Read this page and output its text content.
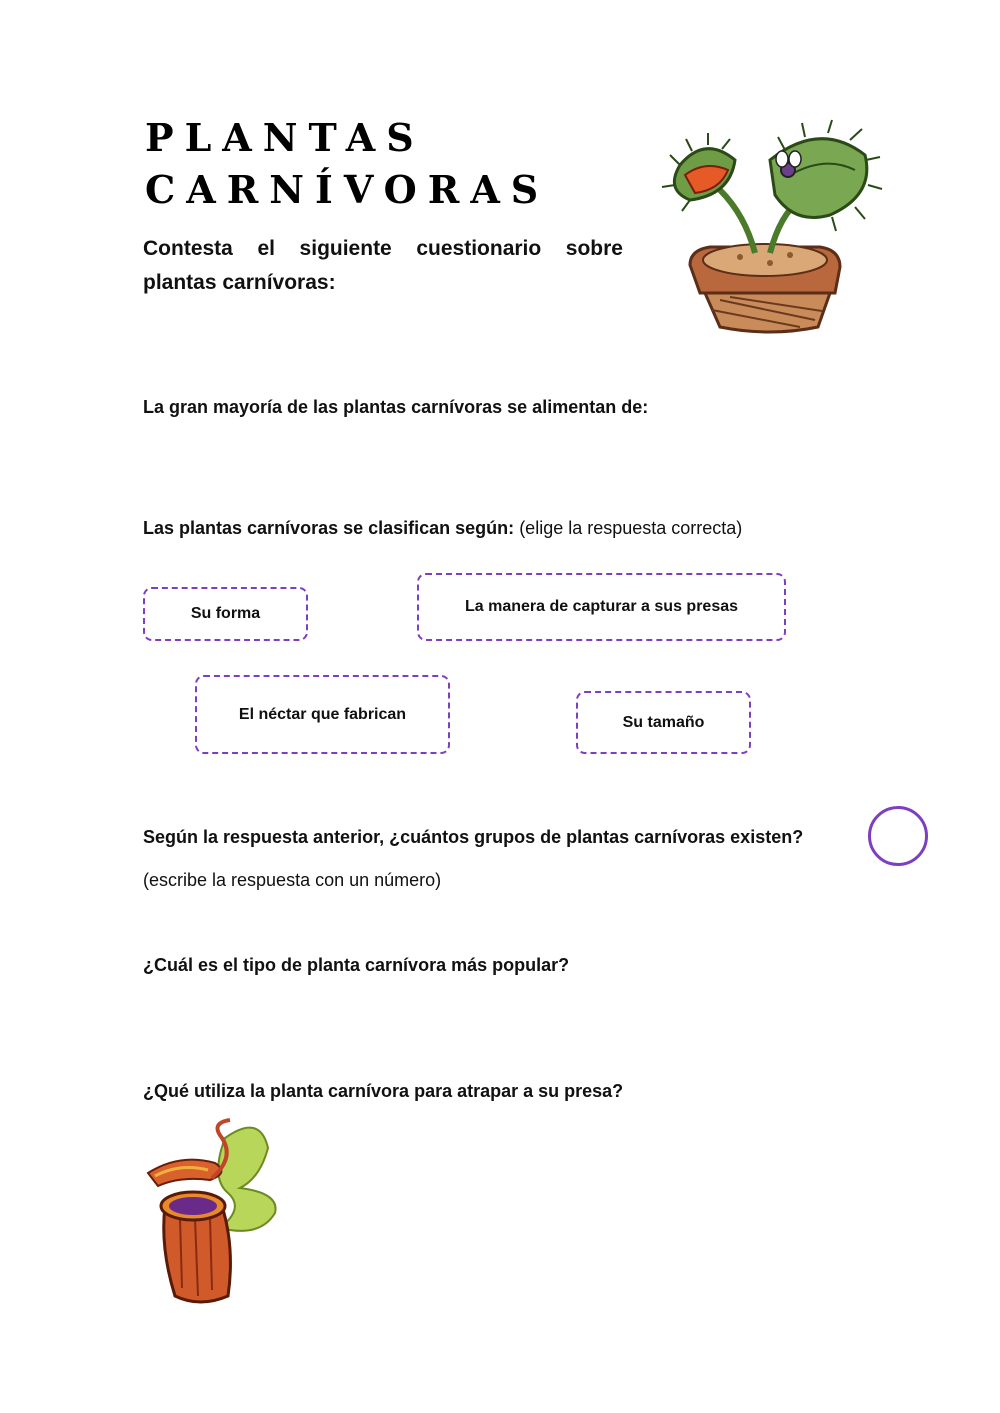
PLANTAS
CARNÍVORAS
Contesta el siguiente cuestionario sobre plantas carnívoras:
La gran mayoría de las plantas carnívoras se alimentan de:
Las plantas carnívoras se clasifican según: (elige la respuesta correcta)
Su forma	La manera de capturar a sus presas
El néctar que fabrican	Su tamaño
Según la respuesta anterior, ¿cuántos grupos de plantas carnívoras existen?
(escribe la respuesta con un número)
¿Cuál es el tipo de planta carnívora más popular?
¿Qué utiliza la planta carnívora para atrapar a su presa?
